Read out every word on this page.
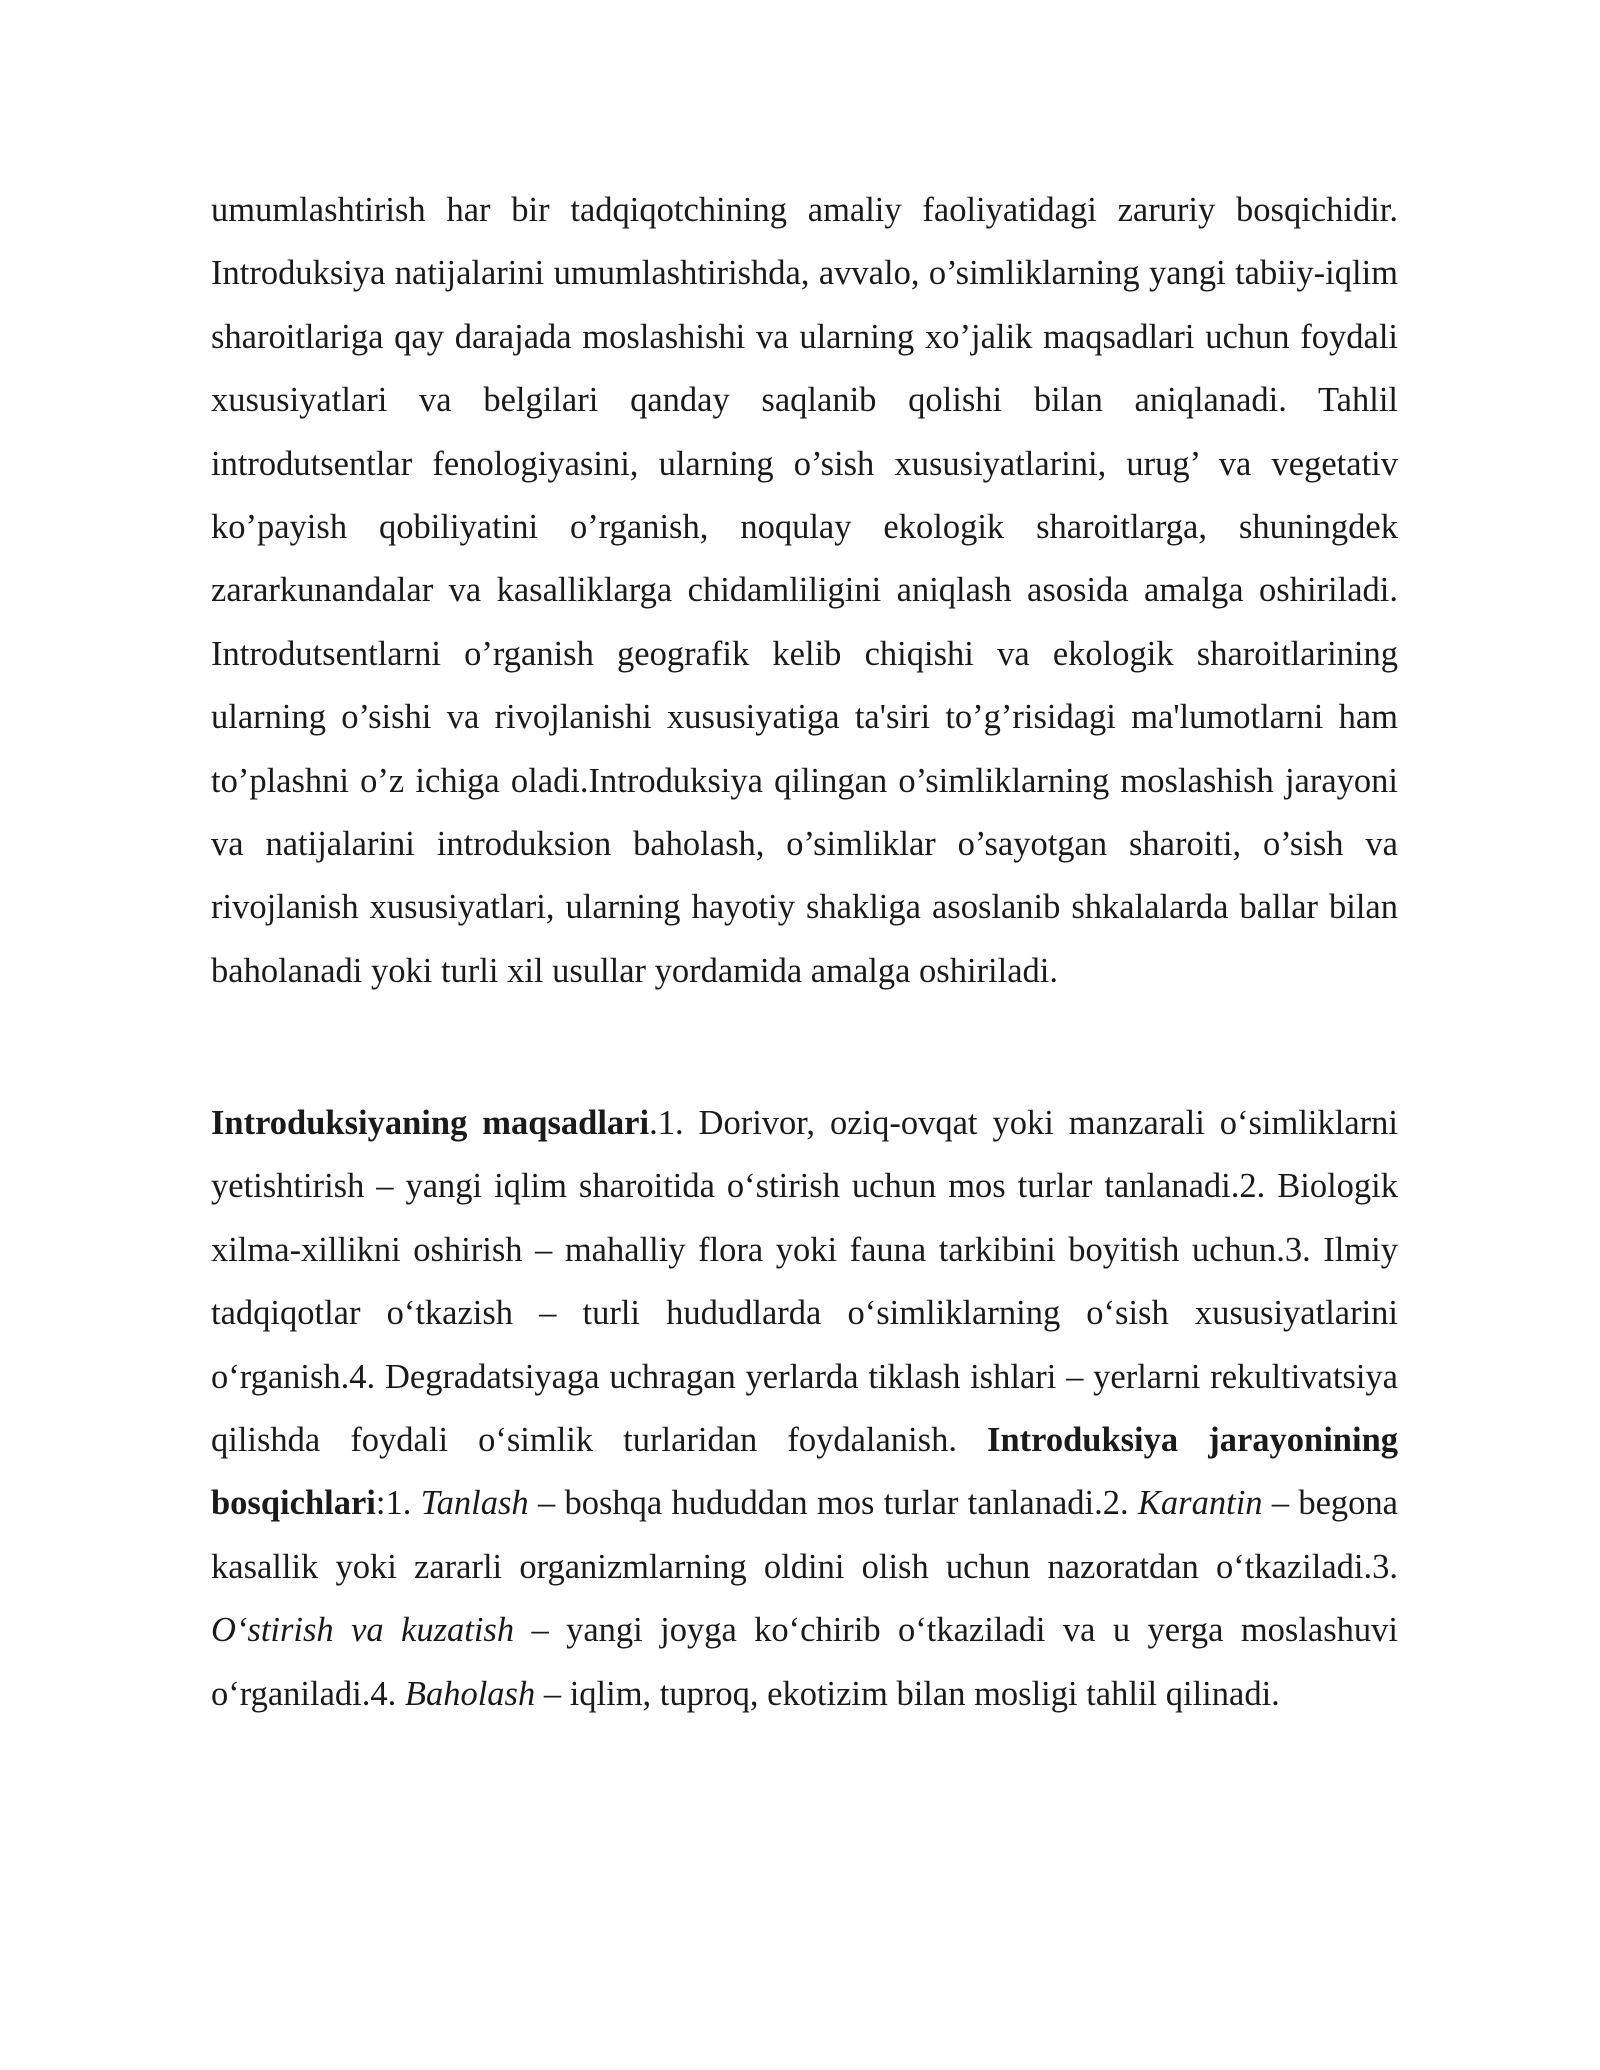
umumlashtirish har bir tadqiqotchining amaliy faoliyatidagi zaruriy bosqichidir. Introduksiya natijalarini umumlashtirishda, avvalo, o’simliklarning yangi tabiiy-iqlim sharoitlariga qay darajada moslashishi va ularning xo’jalik maqsadlari uchun foydali xususiyatlari va belgilari qanday saqlanib qolishi bilan aniqlanadi. Tahlil introdutsentlar fenologiyasini, ularning o’sish xususiyatlarini, urug’ va vegetativ ko’payish qobiliyatini o’rganish, noqulay ekologik sharoitlarga, shuningdek zararkunandalar va kasalliklarga chidamliligini aniqlash asosida amalga oshiriladi. Introdutsentlarni o’rganish geografik kelib chiqishi va ekologik sharoitlarining ularning o’sishi va rivojlanishi xususiyatiga ta'siri to’g’risidagi ma'lumotlarni ham to’plashni o’z ichiga oladi.Introduksiya qilingan o’simliklarning moslashish jarayoni va natijalarini introduksion baholash, o’simliklar o’sayotgan sharoiti, o’sish va rivojlanish xususiyatlari, ularning hayotiy shakliga asoslanib shkalalarda ballar bilan baholanadi yoki turli xil usullar yordamida amalga oshiriladi.

Introduksiyaning maqsadlari.1. Dorivor, oziq-ovqat yoki manzarali o‘simliklarni yetishtirish – yangi iqlim sharoitida o‘stirish uchun mos turlar tanlanadi.2. Biologik xilma-xillikni oshirish – mahalliy flora yoki fauna tarkibini boyitish uchun.3. Ilmiy tadqiqotlar o‘tkazish – turli hududlarda o‘simliklarning o‘sish xususiyatlarini o‘rganish.4. Degradatsiyaga uchragan yerlarda tiklash ishlari – yerlarni rekultivatsiya qilishda foydali o‘simlik turlaridan foydalanish. Introduksiya jarayonining bosqichlari:1. Tanlash – boshqa hududdan mos turlar tanlanadi.2. Karantin – begona kasallik yoki zararli organizmlarning oldini olish uchun nazoratdan o‘tkaziladi.3. O‘stirish va kuzatish – yangi joyga ko‘chirib o‘tkaziladi va u yerga moslashuvi o‘rganiladi.4. Baholash – iqlim, tuproq, ekotizim bilan mosligi tahlil qilinadi.
